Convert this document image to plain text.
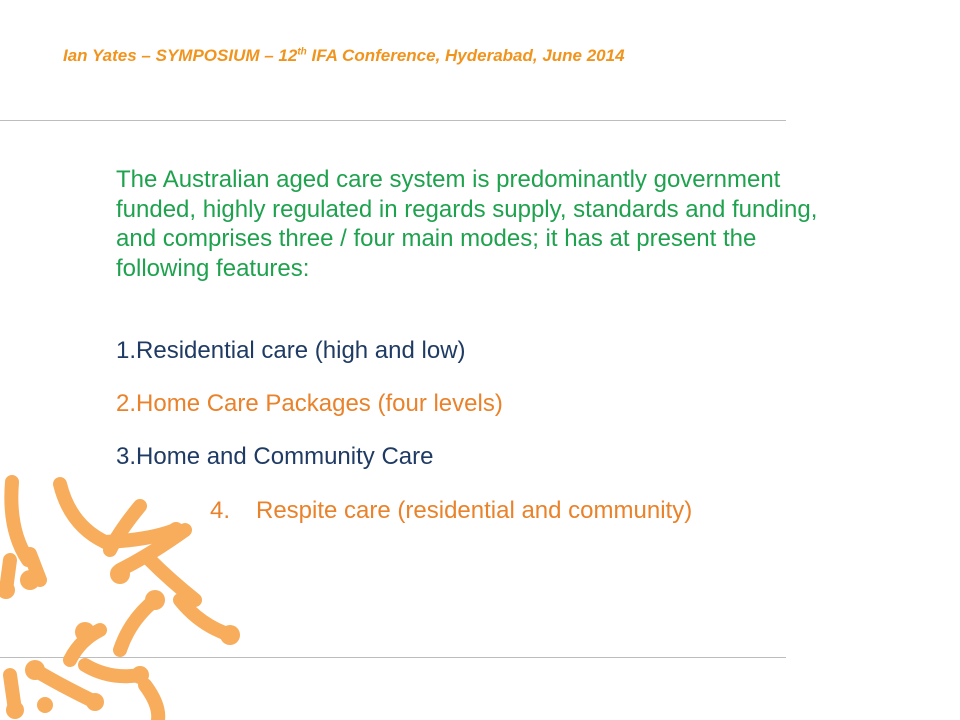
Ian Yates – SYMPOSIUM – 12th IFA Conference, Hyderabad, June 2014
The Australian aged care system is predominantly government funded, highly regulated in regards supply, standards and funding, and comprises three / four main modes; it has at present the following features:
1.Residential care (high and low)
2.Home Care Packages (four levels)
3.Home and Community Care
4. Respite care (residential and community)
